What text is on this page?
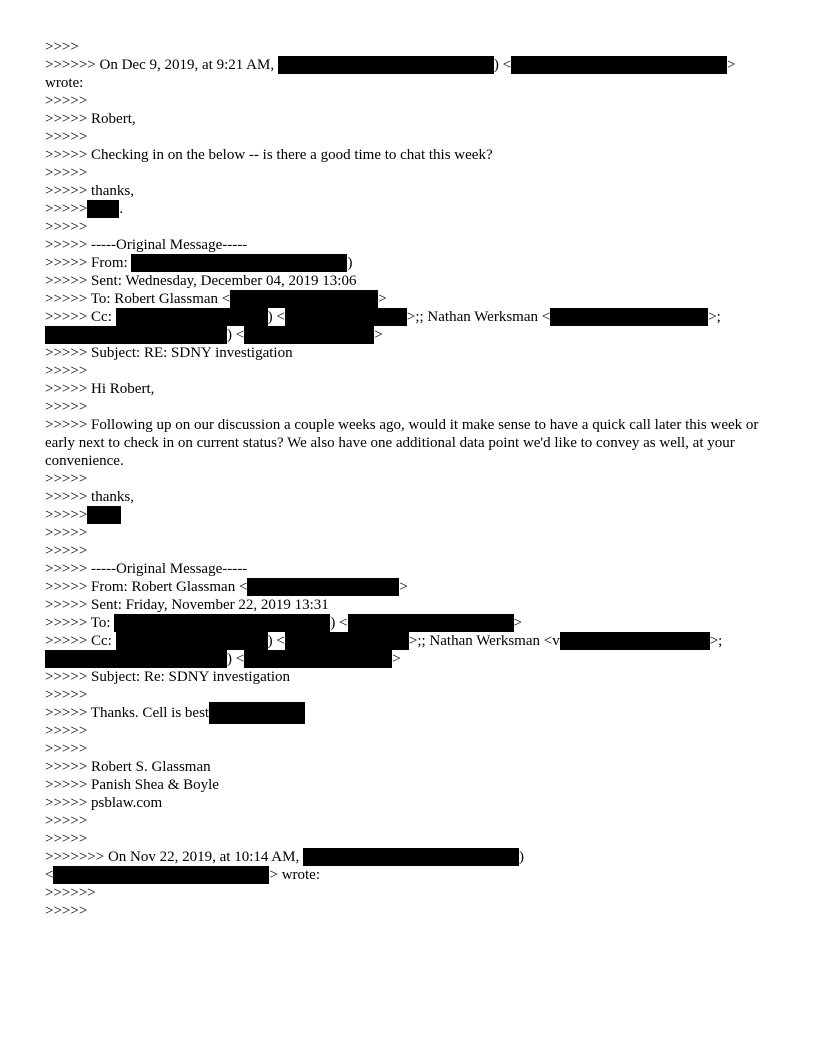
>>>>
>>>>>> On Dec 9, 2019, at 9:21 AM,	) <	>
wrote:
>>>>>
>>>>> Robert,
>>>>>
>>>>> Checking in on the below -- is there a good time to chat this week?
>>>>>
>>>>> thanks,
>>>>> .
>>>>>
>>>>> -----Original Message-----
>>>>> From:	)
>>>>> Sent: Wednesday, December 04, 2019 13:06
>>>>> To: Robert Glassman <	>
>>>>> Cc:	) <	>;; Nathan Werksman <	>;
) <	>
>>>>> Subject: RE: SDNY investigation
>>>>>
>>>>> Hi Robert,
>>>>>
>>>>> Following up on our discussion a couple weeks ago, would it make sense to have a quick call later this week or early next to check in on current status? We also have one additional data point we'd like to convey as well, at your convenience.
>>>>>
>>>>> thanks,
>>>>>
>>>>>
>>>>>
>>>>> -----Original Message-----
>>>>> From: Robert Glassman <	>
>>>>> Sent: Friday, November 22, 2019 13:31
>>>>> To:	) <	>
>>>>> Cc:	) <	>;; Nathan Werksman <v	>;
) <	>
>>>>> Subject: Re: SDNY investigation
>>>>>
>>>>> Thanks. Cell is best
>>>>>
>>>>>
>>>>> Robert S. Glassman
>>>>> Panish Shea & Boyle
>>>>> psblaw.com
>>>>>
>>>>>
>>>>>>> On Nov 22, 2019, at 10:14 AM,	)
<	> wrote:
>>>>>>
>>>>>
